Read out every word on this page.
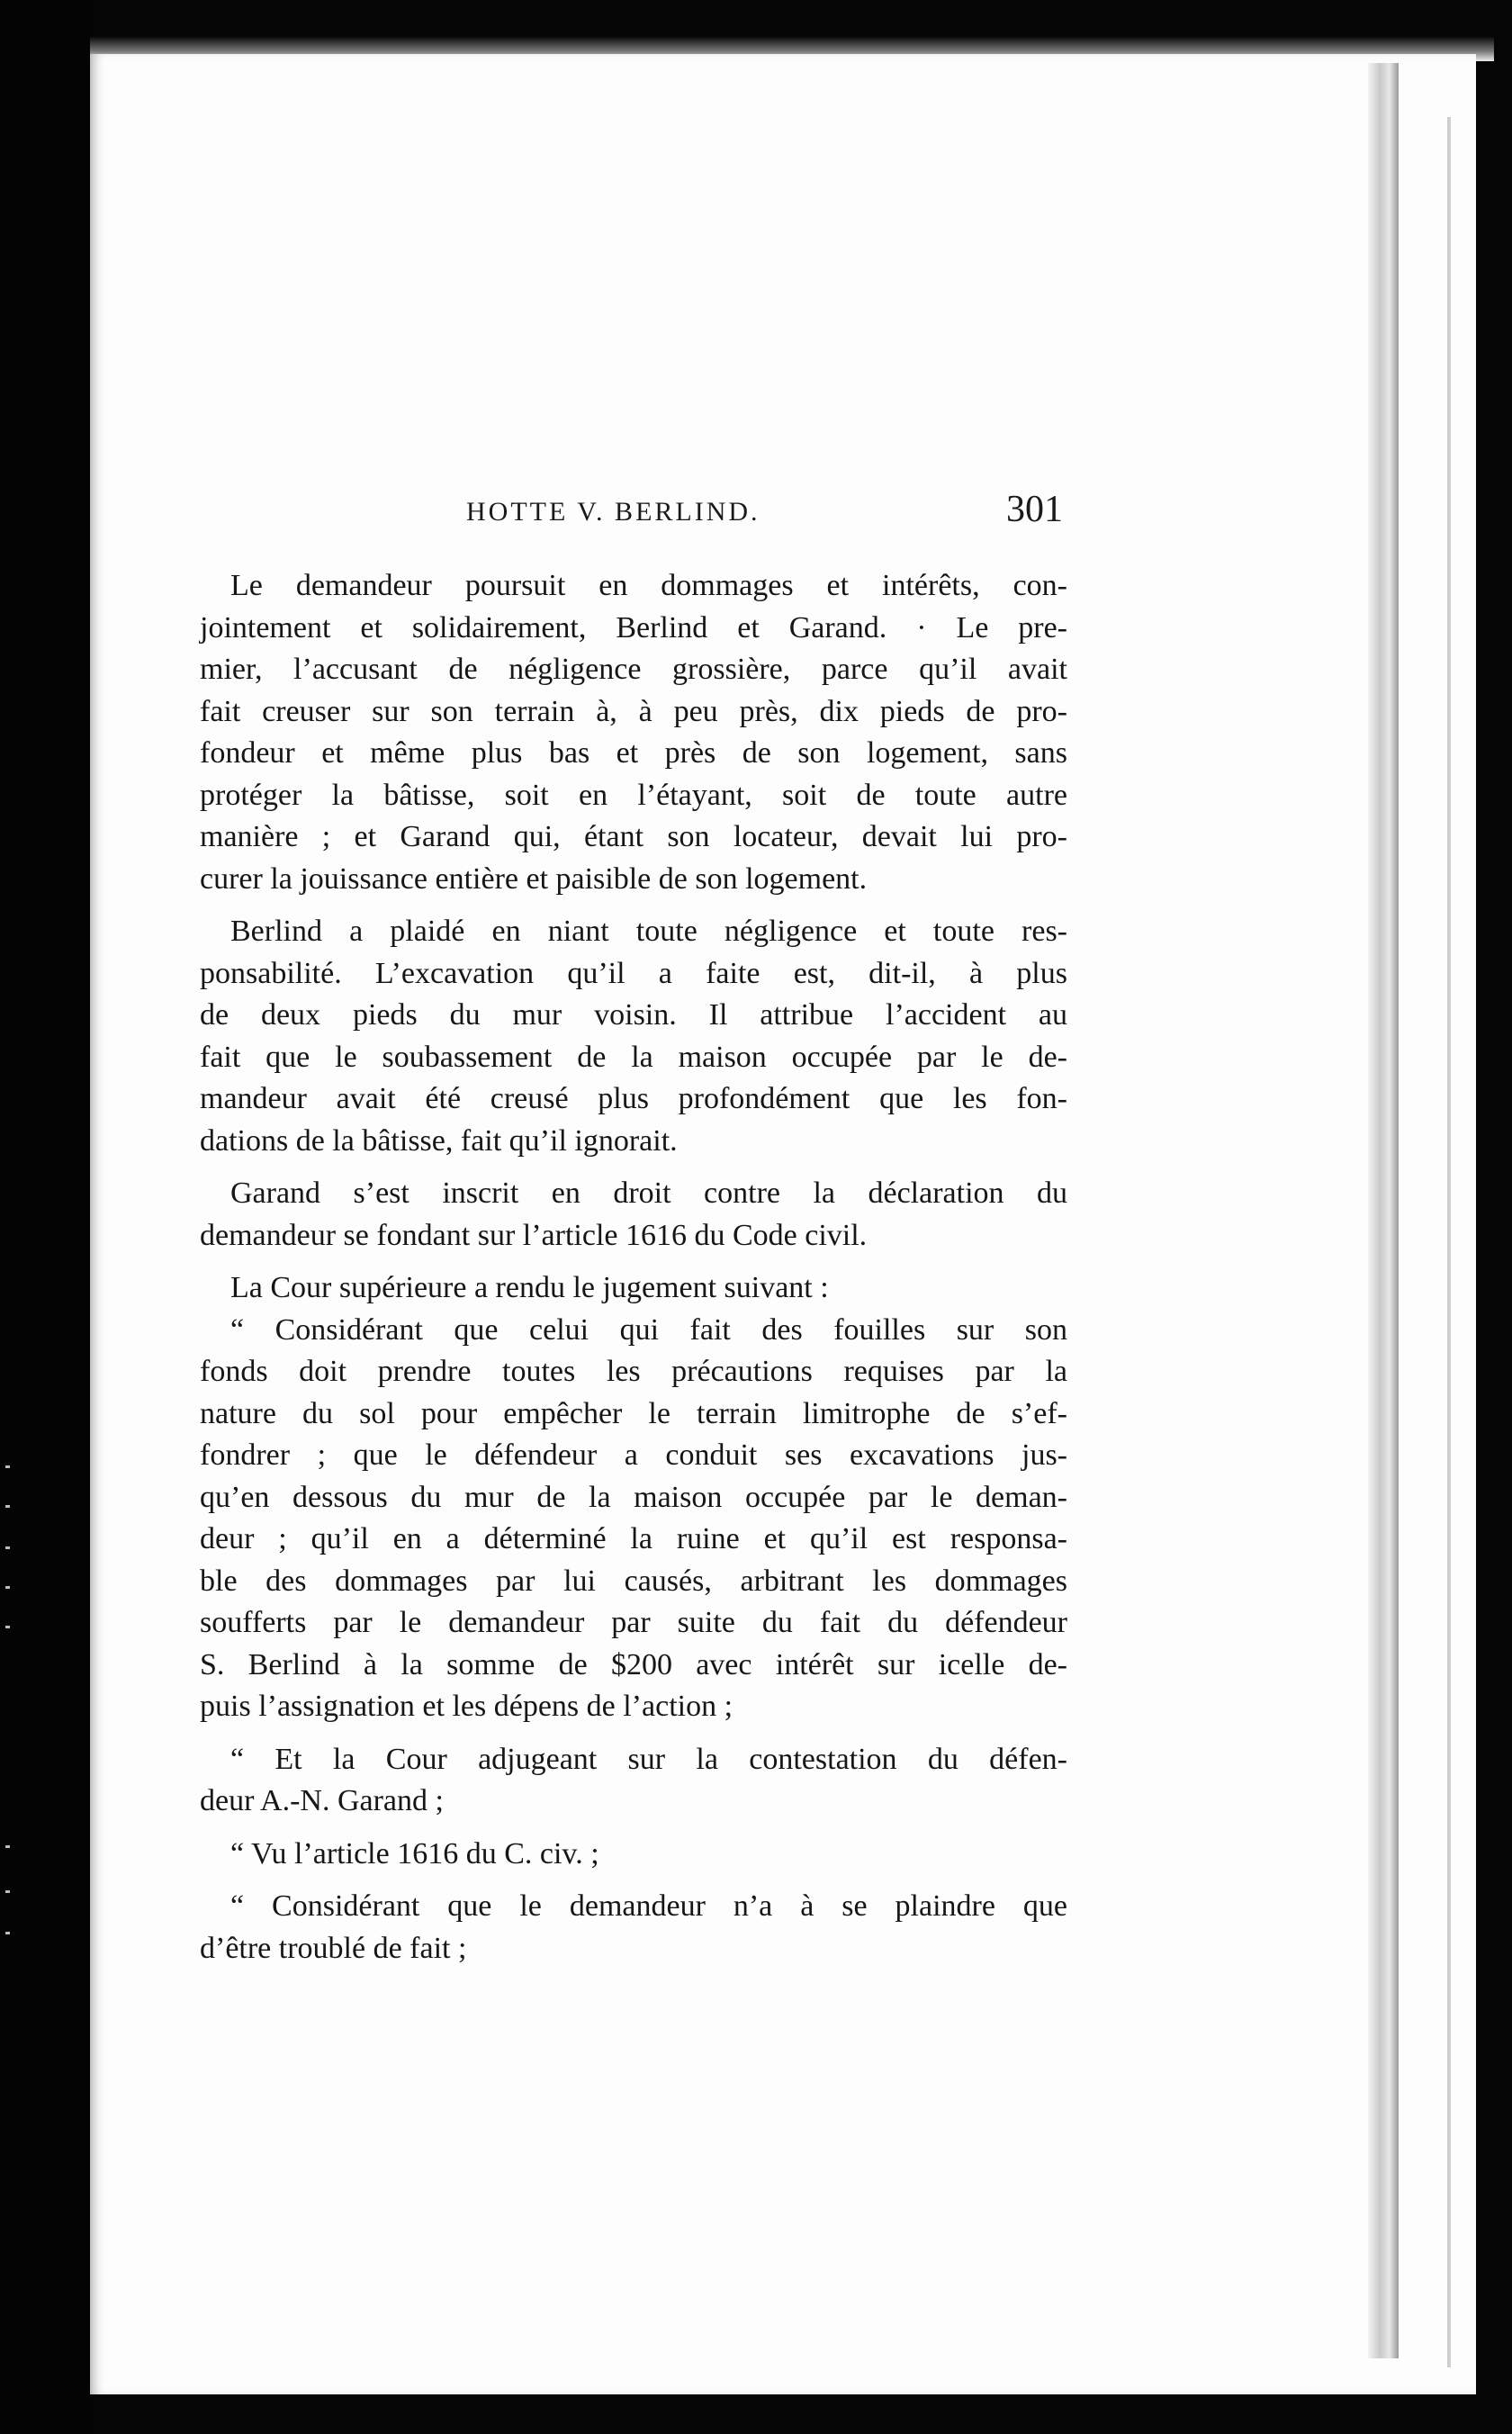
HOTTE V. BERLIND.	301

Le demandeur poursuit en dommages et intérêts, con-
jointement et solidairement, Berlind et Garand. · Le pre-
mier, l’accusant de négligence grossière, parce qu’il avait
fait creuser sur son terrain à, à peu près, dix pieds de pro-
fondeur et même plus bas et près de son logement, sans
protéger la bâtisse, soit en l’étayant, soit de toute autre
manière ; et Garand qui, étant son locateur, devait lui pro-
curer la jouissance entière et paisible de son logement.

Berlind a plaidé en niant toute négligence et toute res-
ponsabilité. L’excavation qu’il a faite est, dit-il, à plus
de deux pieds du mur voisin. Il attribue l’accident au
fait que le soubassement de la maison occupée par le de-
mandeur avait été creusé plus profondément que les fon-
dations de la bâtisse, fait qu’il ignorait.

Garand s’est inscrit en droit contre la déclaration du
demandeur se fondant sur l’article 1616 du Code civil.

La Cour supérieure a rendu le jugement suivant :

“ Considérant que celui qui fait des fouilles sur son
fonds doit prendre toutes les précautions requises par la
nature du sol pour empêcher le terrain limitrophe de s’ef-
fondrer ; que le défendeur a conduit ses excavations jus-
qu’en dessous du mur de la maison occupée par le deman-
deur ; qu’il en a déterminé la ruine et qu’il est responsa-
ble des dommages par lui causés, arbitrant les dommages
soufferts par le demandeur par suite du fait du défendeur
S. Berlind à la somme de $200 avec intérêt sur icelle de-
puis l’assignation et les dépens de l’action ;

“ Et la Cour adjugeant sur la contestation du défen-
deur A.-N. Garand ;

“ Vu l’article 1616 du C. civ. ;

“ Considérant que le demandeur n’a à se plaindre que
d’être troublé de fait ;
